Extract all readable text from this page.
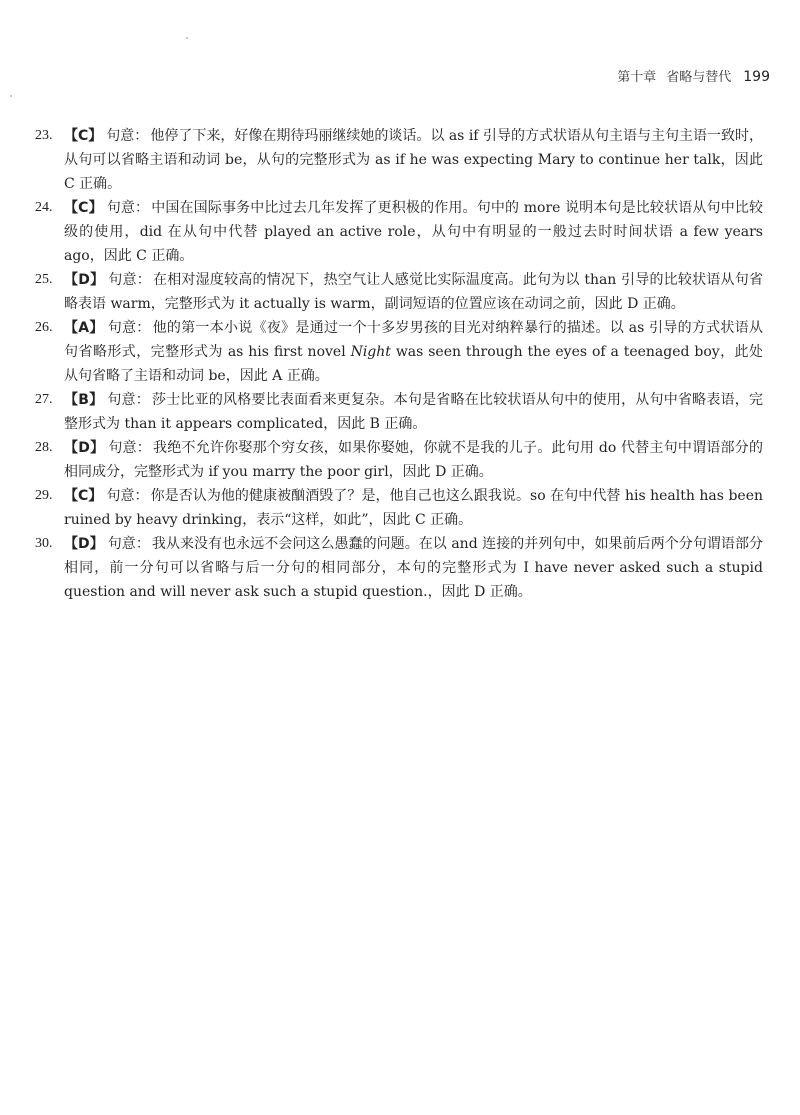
第十章 省略与替代 199
23. 【C】 句意： 他停了下来，好像在期待玛丽继续她的谈话。以 as if 引导的方式状语从句主语与主句主语一致时，从句可以省略主语和动词 be，从句的完整形式为 as if he was expecting Mary to continue her talk，因此 C 正确。
24. 【C】 句意： 中国在国际事务中比过去几年发挥了更积极的作用。句中的 more 说明本句是比较状语从句中比较级的使用，did 在从句中代替 played an active role，从句中有明显的一般过去时时间状语 a few years ago，因此 C 正确。
25. 【D】 句意： 在相对湿度较高的情况下，热空气让人感觉比实际温度高。此句为以 than 引导的比较状语从句省略表语 warm，完整形式为 it actually is warm，副词短语的位置应该在动词之前，因此 D 正确。
26. 【A】 句意： 他的第一本小说《夜》是通过一个十多岁男孩的目光对纳粹暴行的描述。以 as 引导的方式状语从句省略形式，完整形式为 as his first novel Night was seen through the eyes of a teenaged boy，此处从句省略了主语和动词 be，因此 A 正确。
27. 【B】 句意： 莎士比亚的风格要比表面看来更复杂。本句是省略在比较状语从句中的使用，从句中省略表语，完整形式为 than it appears complicated，因此 B 正确。
28. 【D】 句意： 我绝不允许你娶那个穷女孩，如果你娶她，你就不是我的儿子。此句用 do 代替主句中谓语部分的相同成分，完整形式为 if you marry the poor girl，因此 D 正确。
29. 【C】 句意： 你是否认为他的健康被酗酒毁了？是，他自己也这么跟我说。so 在句中代替 his health has been ruined by heavy drinking，表示“这样，如此”，因此 C 正确。
30. 【D】 句意： 我从来没有也永远不会问这么愚蠢的问题。在以 and 连接的并列句中，如果前后两个分句谓语部分相同，前一分句可以省略与后一分句的相同部分，本句的完整形式为 I have never asked such a stupid question and will never ask such a stupid question.，因此 D 正确。
